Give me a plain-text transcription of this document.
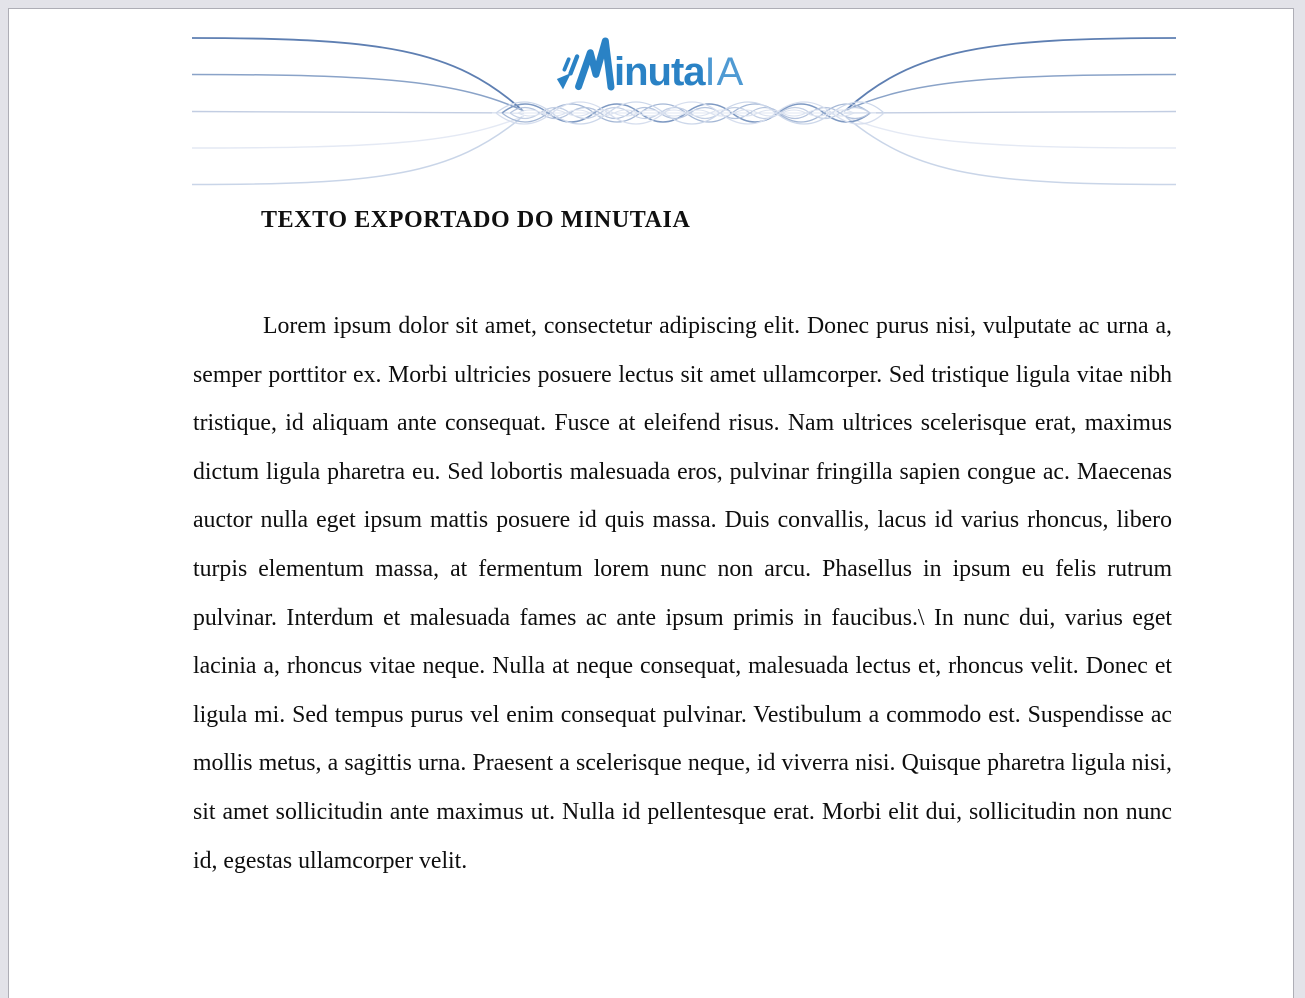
inutaIA
TEXTO EXPORTADO DO MINUTAIA

Lorem ipsum dolor sit amet, consectetur adipiscing elit. Donec purus nisi, vulputate ac urna a, semper porttitor ex. Morbi ultricies posuere lectus sit amet ullamcorper. Sed tristique ligula vitae nibh tristique, id aliquam ante consequat. Fusce at eleifend risus. Nam ultrices scelerisque erat, maximus dictum ligula pharetra eu. Sed lobortis malesuada eros, pulvinar fringilla sapien congue ac. Maecenas auctor nulla eget ipsum mattis posuere id quis massa. Duis convallis, lacus id varius rhoncus, libero turpis elementum massa, at fermentum lorem nunc non arcu. Phasellus in ipsum eu felis rutrum pulvinar. Interdum et malesuada fames ac ante ipsum primis in faucibus.\ In nunc dui, varius eget lacinia a, rhoncus vitae neque. Nulla at neque consequat, malesuada lectus et, rhoncus velit. Donec et ligula mi. Sed tempus purus vel enim consequat pulvinar. Vestibulum a commodo est. Suspendisse ac mollis metus, a sagittis urna. Praesent a scelerisque neque, id viverra nisi. Quisque pharetra ligula nisi, sit amet sollicitudin ante maximus ut. Nulla id pellentesque erat. Morbi elit dui, sollicitudin non nunc id, egestas ullamcorper velit.
